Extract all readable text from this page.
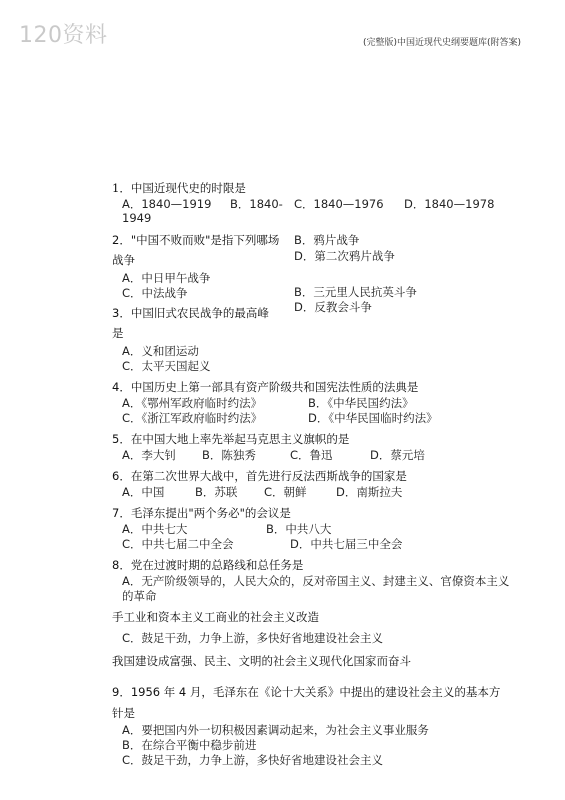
120资料	(完整版)中国近现代史纲要题库(附答案)
1．中国近现代史的时限是
A．1840—1919 B．1840-
1949
C．1840—1976 D．1840—1978
2．"中国不败而败"是指下列哪场
战争
A．中日甲午战争
B．鸦片战争
C．中法战争
D．第二次鸦片战争
3．中国旧式农民战争的最高峰
是
A．义和团运动
B．三元里人民抗英斗争
C．太平天国起义
D．反教会斗争
4．中国历史上第一部具有资产阶级共和国宪法性质的法典是
A．《鄂州军政府临时约法》	B．《中华民国约法》
C．《浙江军政府临时约法》	D．《中华民国临时约法》
5．在中国大地上率先举起马克思主义旗帜的是
A．李大钊 B．陈独秀	C．鲁迅	D．蔡元培
6．在第二次世界大战中，首先进行反法西斯战争的国家是
A．中国	B．苏联 C．朝鲜	D．南斯拉夫
7．毛泽东提出"两个务必"的会议是
A．中共七大	B．中共八大
C．中共七届二中全会	D．中共七届三中全会
8．党在过渡时期的总路线和总任务是
A．无产阶级领导的，人民大众的，反对帝国主义、封建主义、官僚资本主义
的革命
手工业和资本主义工商业的社会主义改造
C．鼓足干劲，力争上游，多快好省地建设社会主义
我国建设成富强、民主、文明的社会主义现代化国家而奋斗
9．1956 年 4 月，毛泽东在《论十大关系》中提出的建设社会主义的基本方
针是
A．要把国内外一切积极因素调动起来，为社会主义事业服务
B．在综合平衡中稳步前进
C．鼓足干劲，力争上游，多快好省地建设社会主义
